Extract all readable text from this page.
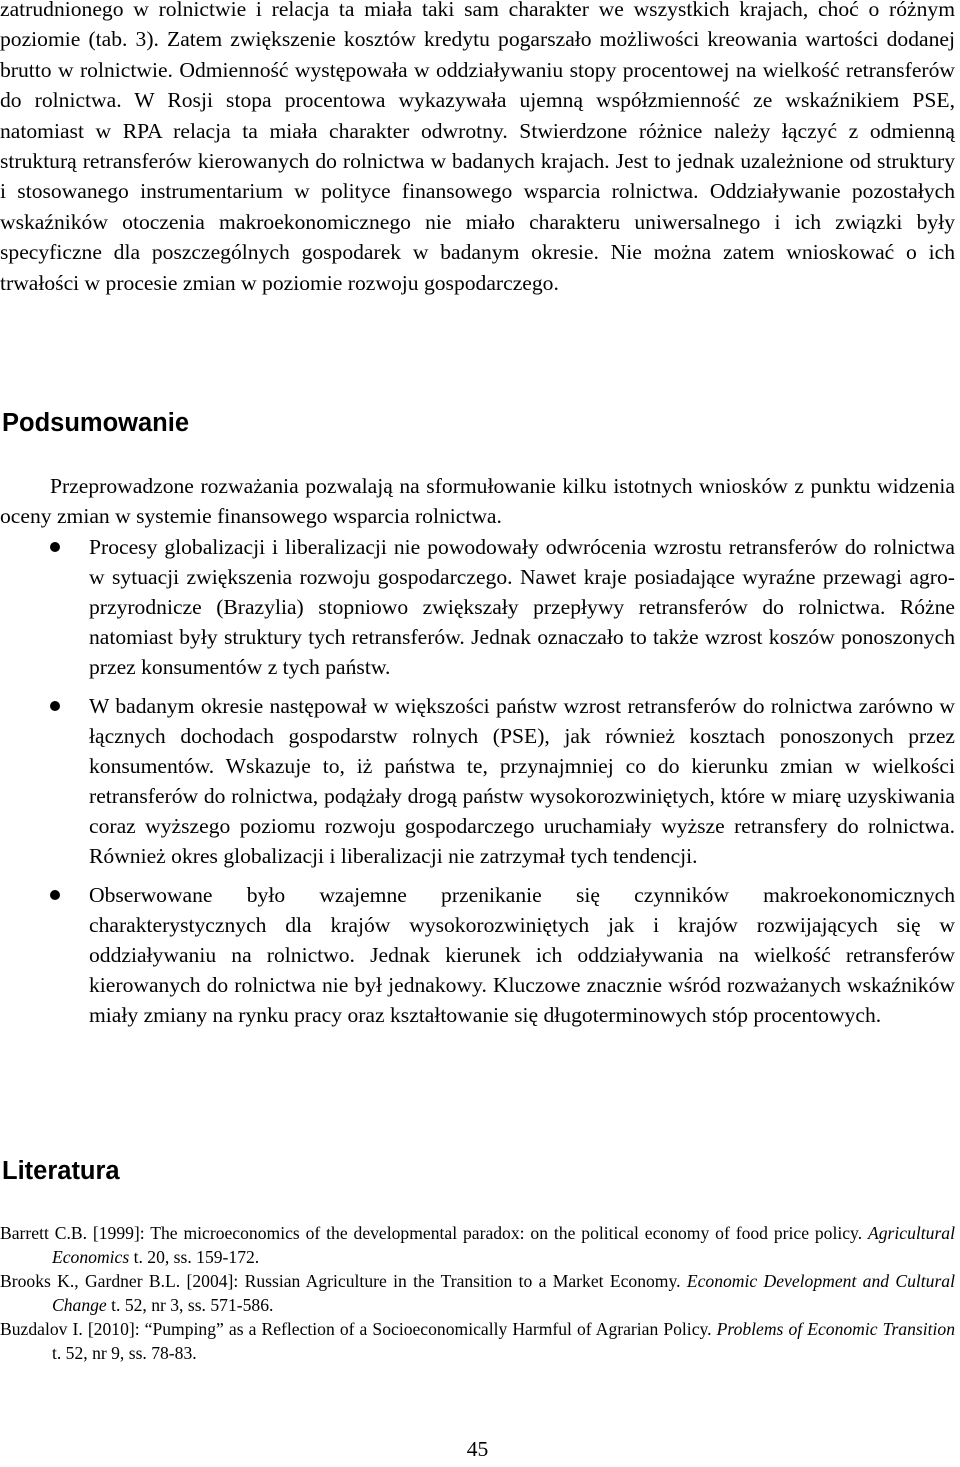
zatrudnionego w rolnictwie i relacja ta miała taki sam charakter we wszystkich krajach, choć o różnym poziomie (tab. 3). Zatem zwiększenie kosztów kredytu pogarszało możliwości kreowania wartości dodanej brutto w rolnictwie. Odmienność występowała w oddziaływaniu stopy procentowej na wielkość retransferów do rolnictwa. W Rosji stopa procentowa wykazywała ujemną współzmienność ze wskaźnikiem PSE, natomiast w RPA relacja ta miała charakter odwrotny. Stwierdzone różnice należy łączyć z odmienną strukturą retransferów kierowanych do rolnictwa w badanych krajach. Jest to jednak uzależnione od struktury i stosowanego instrumentarium w polityce finansowego wsparcia rolnictwa. Oddziaływanie pozostałych wskaźników otoczenia makroekonomicznego nie miało charakteru uniwersalnego i ich związki były specyficzne dla poszczególnych gospodarek w badanym okresie. Nie można zatem wnioskować o ich trwałości w procesie zmian w poziomie rozwoju gospodarczego.

Podsumowanie

Przeprowadzone rozważania pozwalają na sformułowanie kilku istotnych wniosków z punktu widzenia oceny zmian w systemie finansowego wsparcia rolnictwa.

Procesy globalizacji i liberalizacji nie powodowały odwrócenia wzrostu retransferów do rolnictwa w sytuacji zwiększenia rozwoju gospodarczego. Nawet kraje posiadające wyraźne przewagi agro-przyrodnicze (Brazylia) stopniowo zwiększały przepływy retransferów do rolnictwa. Różne natomiast były struktury tych retransferów. Jednak oznaczało to także wzrost koszów ponoszonych przez konsumentów z tych państw.
W badanym okresie następował w większości państw wzrost retransferów do rolnictwa zarówno w łącznych dochodach gospodarstw rolnych (PSE), jak również kosztach ponoszonych przez konsumentów. Wskazuje to, iż państwa te, przynajmniej co do kierunku zmian w wielkości retransferów do rolnictwa, podążały drogą państw wysokorozwiniętych, które w miarę uzyskiwania coraz wyższego poziomu rozwoju gospodarczego uruchamiały wyższe retransfery do rolnictwa. Również okres globalizacji i liberalizacji nie zatrzymał tych tendencji.
Obserwowane było wzajemne przenikanie się czynników makroekonomicznych charakterystycznych dla krajów wysokorozwiniętych jak i krajów rozwijających się w oddziaływaniu na rolnictwo. Jednak kierunek ich oddziaływania na wielkość retransferów kierowanych do rolnictwa nie był jednakowy. Kluczowe znacznie wśród rozważanych wskaźników miały zmiany na rynku pracy oraz kształtowanie się długoterminowych stóp procentowych.
Literatura
Barrett C.B. [1999]: The microeconomics of the developmental paradox: on the political economy of food price policy. Agricultural Economics t. 20, ss. 159-172.
Brooks K., Gardner B.L. [2004]: Russian Agriculture in the Transition to a Market Economy. Economic Development and Cultural Change t. 52, nr 3, ss. 571-586.
Buzdalov I. [2010]: “Pumping” as a Reflection of a Socioeconomically Harmful of Agrarian Policy. Problems of Economic Transition t. 52, nr 9, ss. 78-83.
45
